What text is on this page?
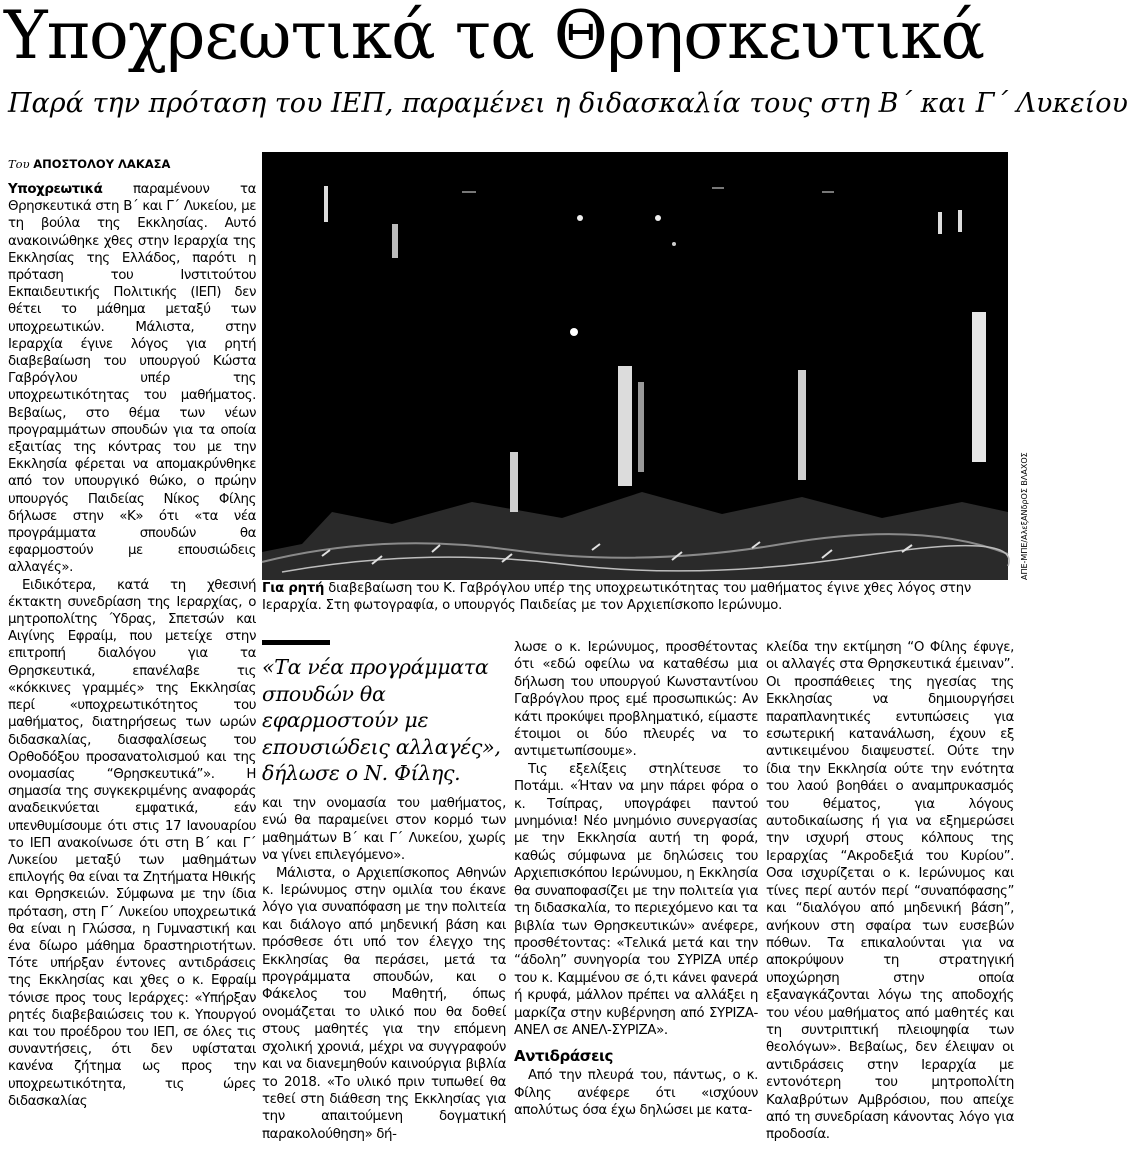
Υποχρεωτικά τα Θρησκευτικά
Παρά την πρόταση του ΙΕΠ, παραμένει η διδασκαλία τους στη Β΄ και Γ΄ Λυκείου
Του ΑΠΟΣΤΟΛΟΥ ΛΑΚΑΣΑ

Υποχρεωτικά παραμένουν τα Θρησκευτικά στη Β΄ και Γ΄ Λυκείου, με τη βούλα της Εκκλησίας. Αυτό ανακοινώθηκε χθες στην Ιεραρχία της Εκκλησίας της Ελλάδος, παρότι η πρόταση του Ινστιτούτου Εκπαιδευτικής Πολιτικής (ΙΕΠ) δεν θέτει το μάθημα μεταξύ των υποχρεωτικών. Μάλιστα, στην Ιεραρχία έγινε λόγος για ρητή διαβεβαίωση του υπουργού Κώστα Γαβρόγλου υπέρ της υποχρεωτικότητας του μαθήματος. Βεβαίως, στο θέμα των νέων προγραμμάτων σπουδών για τα οποία εξαιτίας της κόντρας του με την Εκκλησία φέρεται να απομακρύνθηκε από τον υπουργικό θώκο, ο πρώην υπουργός Παιδείας Νίκος Φίλης δήλωσε στην «Κ» ότι «τα νέα προγράμματα σπουδών θα εφαρμοστούν με επουσιώδεις αλλαγές».

Ειδικότερα, κατά τη χθεσινή έκτακτη συνεδρίαση της Ιεραρχίας, ο μητροπολίτης Ύδρας, Σπετσών και Αιγίνης Εφραίμ, που μετείχε στην επιτροπή διαλόγου για τα Θρησκευτικά, επανέλαβε τις «κόκκινες γραμμές» της Εκκλησίας περί «υποχρεωτικότητος του μαθήματος, διατηρήσεως των ωρών διδασκαλίας, διασφαλίσεως του Ορθοδόξου προσανατολισμού και της ονομασίας “Θρησκευτικά”». Η σημασία της συγκεκριμένης αναφοράς αναδεικνύεται εμφατικά, εάν υπενθυμίσουμε ότι στις 17 Ιανουαρίου το ΙΕΠ ανακοίνωσε ότι στη Β΄ και Γ΄ Λυκείου μεταξύ των μαθημάτων επιλογής θα είναι τα Ζητήματα Ηθικής και Θρησκειών. Σύμφωνα με την ίδια πρόταση, στη Γ΄ Λυκείου υποχρεωτικά θα είναι η Γλώσσα, η Γυμναστική και ένα δίωρο μάθημα δραστηριοτήτων. Τότε υπήρξαν έντονες αντιδράσεις της Εκκλησίας και χθες ο κ. Εφραίμ τόνισε προς τους Ιεράρχες: «Υπήρξαν ρητές διαβεβαιώσεις του κ. Υπουργού και του προέδρου του ΙΕΠ, σε όλες τις συναντήσεις, ότι δεν υφίσταται κανένα ζήτημα ως προς την υποχρεωτικότητα, τις ώρες διδασκαλίας

ΑΠΕ-ΜΠΕ/ΑλεξΑΝδρΟΣ ΒΛΑΧΟΣ
Για ρητή διαβεβαίωση του Κ. Γαβρόγλου υπέρ της υποχρεωτικότητας του μαθήματος έγινε χθες λόγος στην Ιεραρχία. Στη φωτογραφία, ο υπουργός Παιδείας με τον Αρχιεπίσκοπο Ιερώνυμο.
«Τα νέα προγράμματα σπουδών θα εφαρμοστούν με επουσιώδεις αλλαγές», δήλωσε ο Ν. Φίλης.

και την ονομασία του μαθήματος, ενώ θα παραμείνει στον κορμό των μαθημάτων Β΄ και Γ΄ Λυκείου, χωρίς να γίνει επιλεγόμενο».

Μάλιστα, ο Αρχιεπίσκοπος Αθηνών κ. Ιερώνυμος στην ομιλία του έκανε λόγο για συναπόφαση με την πολιτεία και διάλογο από μηδενική βάση και πρόσθεσε ότι υπό τον έλεγχο της Εκκλησίας θα περάσει, μετά τα προγράμματα σπουδών, και ο Φάκελος του Μαθητή, όπως ονομάζεται το υλικό που θα δοθεί στους μαθητές για την επόμενη σχολική χρονιά, μέχρι να συγγραφούν και να διανεμηθούν καινούργια βιβλία το 2018. «Το υλικό πριν τυπωθεί θα τεθεί στη διάθεση της Εκκλησίας για την απαιτούμενη δογματική παρακολούθηση» δή-

λωσε ο κ. Ιερώνυμος, προσθέτοντας ότι «εδώ οφείλω να καταθέσω μια δήλωση του υπουργού Κωνσταντίνου Γαβρόγλου προς εμέ προσωπικώς: Αν κάτι προκύψει προβληματικό, είμαστε έτοιμοι οι δύο πλευρές να το αντιμετωπίσουμε».

Τις εξελίξεις στηλίτευσε το Ποτάμι. «Ήταν να μην πάρει φόρα ο κ. Τσίπρας, υπογράφει παντού μνημόνια! Νέο μνημόνιο συνεργασίας με την Εκκλησία αυτή τη φορά, καθώς σύμφωνα με δηλώσεις του Αρχιεπισκόπου Ιερώνυμου, η Εκκλησία θα συναποφασίζει με την πολιτεία για τη διδασκαλία, το περιεχόμενο και τα βιβλία των Θρησκευτικών» ανέφερε, προσθέτοντας: «Τελικά μετά και την “άδολη” συνηγορία του ΣΥΡΙΖΑ υπέρ του κ. Καμμένου σε ό,τι κάνει φανερά ή κρυφά, μάλλον πρέπει να αλλάξει η μαρκίζα στην κυβέρνηση από ΣΥΡΙΖΑ-ΑΝΕΛ σε ΑΝΕΛ-ΣΥΡΙΖΑ».

Αντιδράσεις

Από την πλευρά του, πάντως, ο κ. Φίλης ανέφερε ότι «ισχύουν απολύτως όσα έχω δηλώσει με κατα-

κλείδα την εκτίμηση “Ο Φίλης έφυγε, οι αλλαγές στα Θρησκευτικά έμειναν”. Οι προσπάθειες της ηγεσίας της Εκκλησίας να δημιουργήσει παραπλανητικές εντυπώσεις για εσωτερική κατανάλωση, έχουν εξ αντικειμένου διαψευστεί. Ούτε την ίδια την Εκκλησία ούτε την ενότητα του λαού βοηθάει ο αναμπρυκασμός του θέματος, για λόγους αυτοδικαίωσης ή για να εξημερώσει την ισχυρή στους κόλπους της Ιεραρχίας “Ακροδεξιά του Κυρίου”. Οσα ισχυρίζεται ο κ. Ιερώνυμος και τίνες περί αυτόν περί “συναπόφασης” και “διαλόγου από μηδενική βάση”, ανήκουν στη σφαίρα των ευσεβών πόθων. Τα επικαλούνται για να αποκρύψουν τη στρατηγική υποχώρηση στην οποία εξαναγκάζονται λόγω της αποδοχής του νέου μαθήματος από μαθητές και τη συντριπτική πλειοψηφία των θεολόγων». Βεβαίως, δεν έλειψαν οι αντιδράσεις στην Ιεραρχία με εντονότερη του μητροπολίτη Καλαβρύτων Αμβρόσιου, που απείχε από τη συνεδρίαση κάνοντας λόγο για προδοσία.
